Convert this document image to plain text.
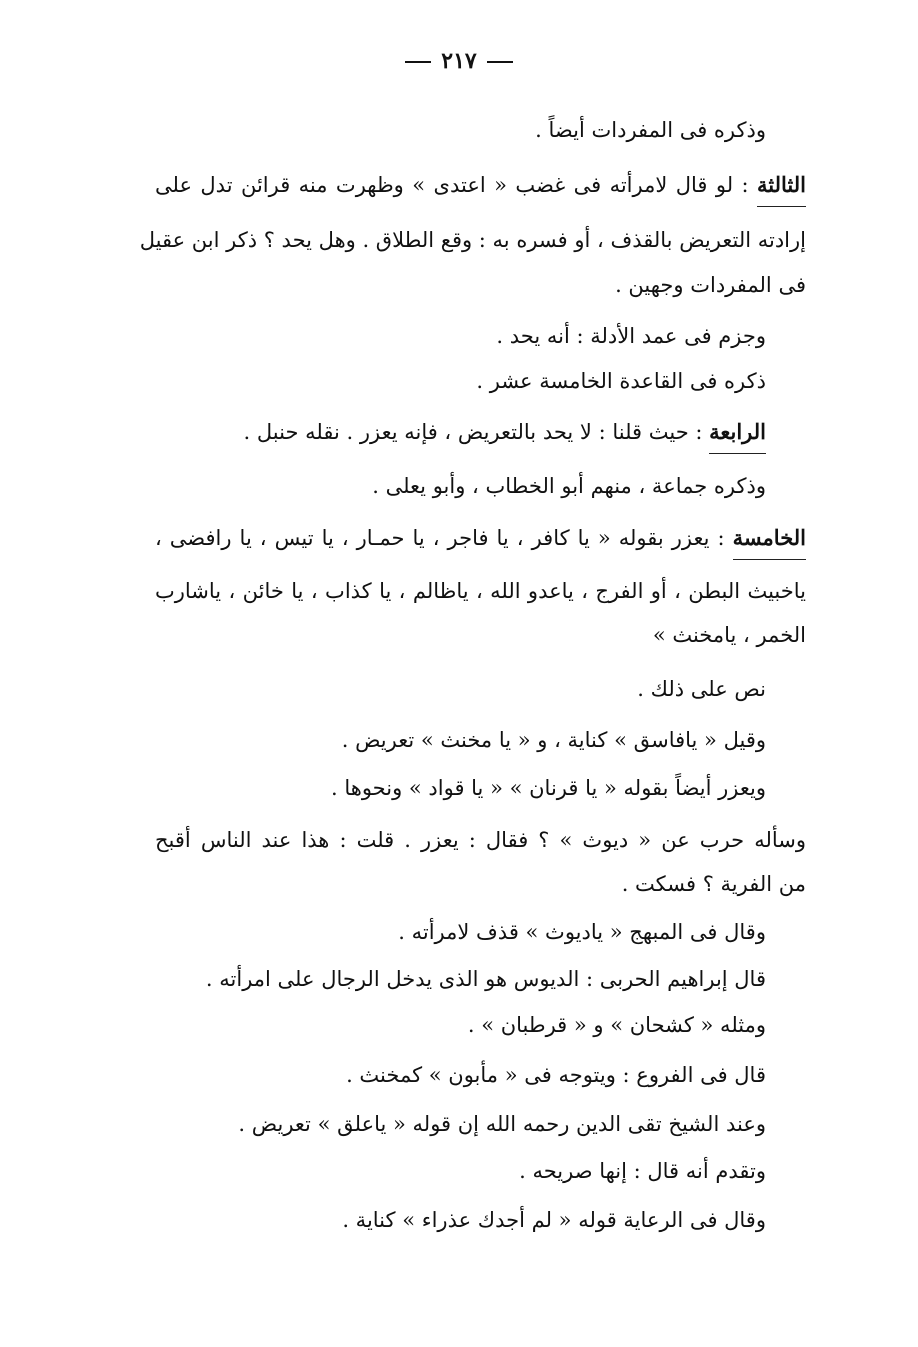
٢١٧
وذكره فى المفردات أيضاً .
الثالثة : لو قال لامرأته فى غضب « اعتدى » وظهرت منه قرائن تدل على
إرادته التعريض بالقذف ، أو فسره به : وقع الطلاق . وهل يحد ؟ ذكر ابن عقيل
فى المفردات وجهين .
وجزم فى عمد الأدلة : أنه يحد .
ذكره فى القاعدة الخامسة عشر .
الرابعة : حيث قلنا : لا يحد بالتعريض ، فإنه يعزر . نقله حنبل .
وذكره جماعة ، منهم أبو الخطاب ، وأبو يعلى .
الخامسة : يعزر بقوله « يا كافر ، يا فاجر ، يا حمـار ، يا تيس ، يا رافضى ،
ياخبيث البطن ، أو الفرج ، ياعدو الله ، ياظالم ، يا كذاب ، يا خائن ، ياشارب
الخمر ، يامخنث »
نص على ذلك .
وقيل « يافاسق » كناية ، و « يا مخنث » تعريض .
ويعزر أيضاً بقوله « يا قرنان » « يا قواد » ونحوها .
وسأله حرب عن « ديوث » ؟ فقال : يعزر . قلت : هذا عند الناس أقبح
من الفرية ؟ فسكت .
وقال فى المبهج « ياديوث » قذف لامرأته .
قال إبراهيم الحربى : الديوس هو الذى يدخل الرجال على امرأته .
ومثله « كشحان » و « قرطبان » .
قال فى الفروع : ويتوجه فى « مأبون » كمخنث .
وعند الشيخ تقى الدين رحمه الله إن قوله « ياعلق » تعريض .
وتقدم أنه قال : إنها صريحه .
وقال فى الرعاية قوله « لم أجدك عذراء » كناية .
